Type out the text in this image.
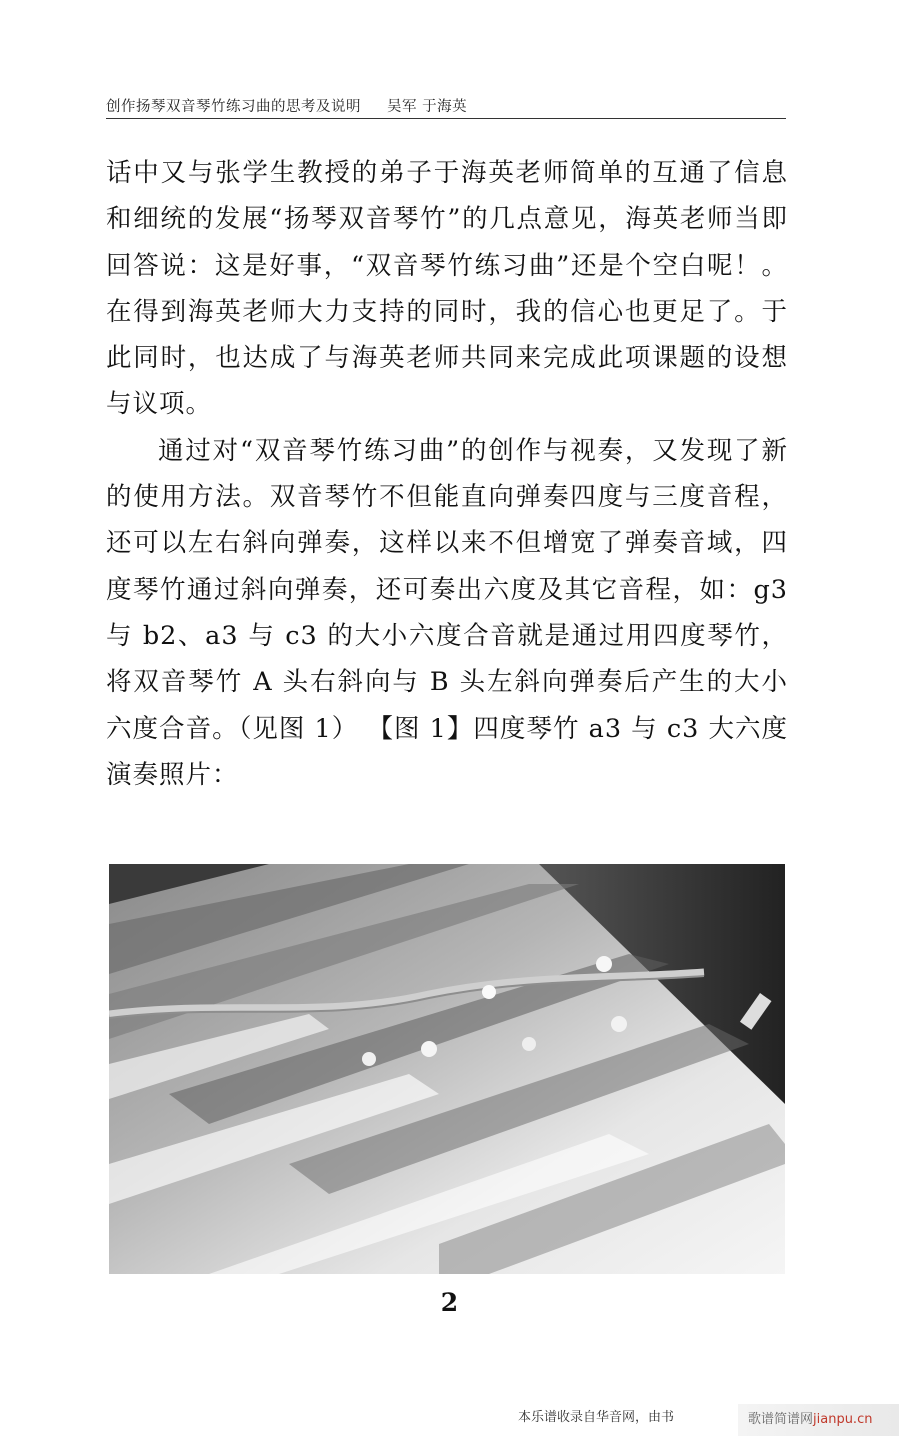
创作扬琴双音琴竹练习曲的思考及说明 吴军 于海英

话中又与张学生教授的弟子于海英老师简单的互通了信息和细统的发展“扬琴双音琴竹”的几点意见，海英老师当即回答说：这是好事，“双音琴竹练习曲”还是个空白呢！。在得到海英老师大力支持的同时，我的信心也更足了。于此同时，也达成了与海英老师共同来完成此项课题的设想与议项。

通过对“双音琴竹练习曲”的创作与视奏，又发现了新的使用方法。双音琴竹不但能直向弹奏四度与三度音程，还可以左右斜向弹奏，这样以来不但增宽了弹奏音域，四度琴竹通过斜向弹奏，还可奏出六度及其它音程，如：g3 与 b2、a3 与 c3 的大小六度合音就是通过用四度琴竹，将双音琴竹 A 头右斜向与 B 头左斜向弹奏后产生的大小六度合音。（见图 1） 【图 1】四度琴竹 a3 与 c3 大六度演奏照片：

2
本乐谱收录自华音网，由书	歌谱简谱网jianpu.cn
